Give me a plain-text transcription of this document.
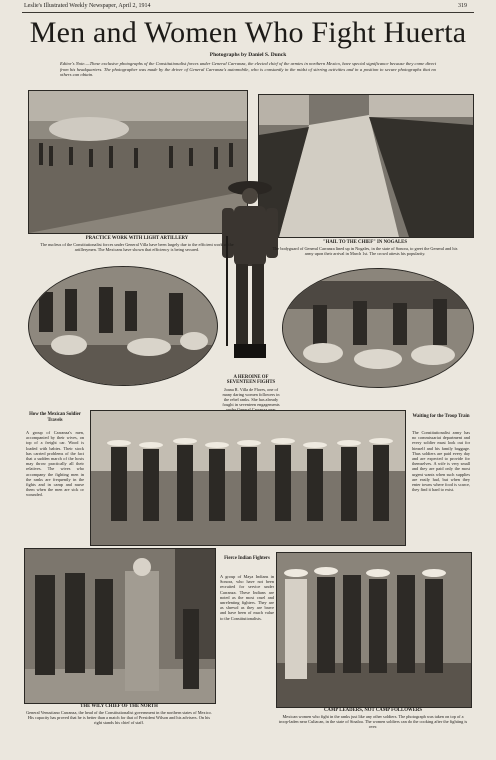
Leslie's Illustrated Weekly Newspaper, April 2, 1914	319
Men and Women Who Fight Huerta
Photographs by Daniel S. Dunck
Editor's Note.—These exclusive photographs of the Constitutionalist forces under General Carranza, the elected chief of the armies in northern Mexico, have special significance because they come direct from his headquarters. The photographer was made by the driver of General Carranza's automobile, who is constantly in the midst of stirring activities and in a position to secure photographs that no others can obtain.
PRACTICE WORK WITH LIGHT ARTILLERY
The nucleus of the Constitutionalist forces under General Villa have been largely due to the efficient work of the artillerymen. The Mexicans have shown that efficiency is being secured.
"HAIL TO THE CHIEF" IN NOGALES
The bodyguard of General Carranza lined up in Nogales, in the state of Sonora, to greet the General and his army upon their arrival in March 1st. The crowd attests his popularity.
A HEROINE OF SEVENTEEN FIGHTS
Joana R. Villa de Flores, one of many daring women followers in the rebel ranks. She has already fought in seventeen engagements
How the Mexican Soldier Travels
A group of Carranza's men, accompanied by their wives, on top of a freight car. Wood is loaded with babies. Their stock has carried problems of the fact that a sudden march of the hosts may throw practically all their relatives. The wives who accompany the fighting men in the ranks are frequently in the fights and in camp and nurse them when the men are sick or wounded.
Waiting for the Troop Train
The Constitutionalist army has no commissariat department and every soldier must look out for himself and his family baggage. Thus soldiers are paid every day and are expected to provide for themselves. A wife is very small and they are paid only the most urgent wants when such supplies are easily had, but when they enter towns where food is scarce, they find it hard to exist.
Fierce Indian Fighters
A group of Maya Indians in Sonora, who have not been recruited for service under Carranza. These Indians are noted as the most cruel and unrelenting fighters. They are as shrewd as they are brave and have been of much value to the Constitutionalists.
THE WILY CHIEF OF THE NORTH
General Venustiano Carranza, the head of the Constitutionalist government in the northern states of Mexico. His capacity has proved that he is better than a match for that of President Wilson and his advisers. On his right stands his chief of staff.
CAMP LEADERS, NOT CAMP FOLLOWERS
Mexican women who fight in the ranks just like any other soldiers. The photograph was taken on top of a troop-laden near Culiacan, in the state of Sinaloa. The women soldiers can do the cooking after the fighting is over.
